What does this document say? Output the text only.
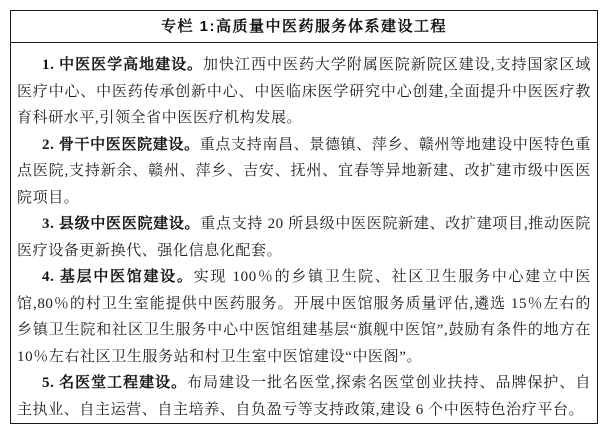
专栏 1:高质量中医药服务体系建设工程

1. 中医医学高地建设。加快江西中医药大学附属医院新院区建设,支持国家区域医疗中心、中医药传承创新中心、中医临床医学研究中心创建,全面提升中医医疗教育科研水平,引领全省中医医疗机构发展。

2. 骨干中医医院建设。重点支持南昌、景德镇、萍乡、赣州等地建设中医特色重点医院,支持新余、赣州、萍乡、吉安、抚州、宜春等异地新建、改扩建市级中医医院项目。

3. 县级中医医院建设。重点支持 20 所县级中医医院新建、改扩建项目,推动医院医疗设备更新换代、强化信息化配套。

4. 基层中医馆建设。实现 100％的乡镇卫生院、社区卫生服务中心建立中医馆,80％的村卫生室能提供中医药服务。开展中医馆服务质量评估,遴选 15％左右的乡镇卫生院和社区卫生服务中心中医馆组建基层“旗舰中医馆”,鼓励有条件的地方在 10％左右社区卫生服务站和村卫生室中医馆建设“中医阁”。

5. 名医堂工程建设。布局建设一批名医堂,探索名医堂创业扶持、品牌保护、自主执业、自主运营、自主培养、自负盈亏等支持政策,建设 6 个中医特色治疗平台。
